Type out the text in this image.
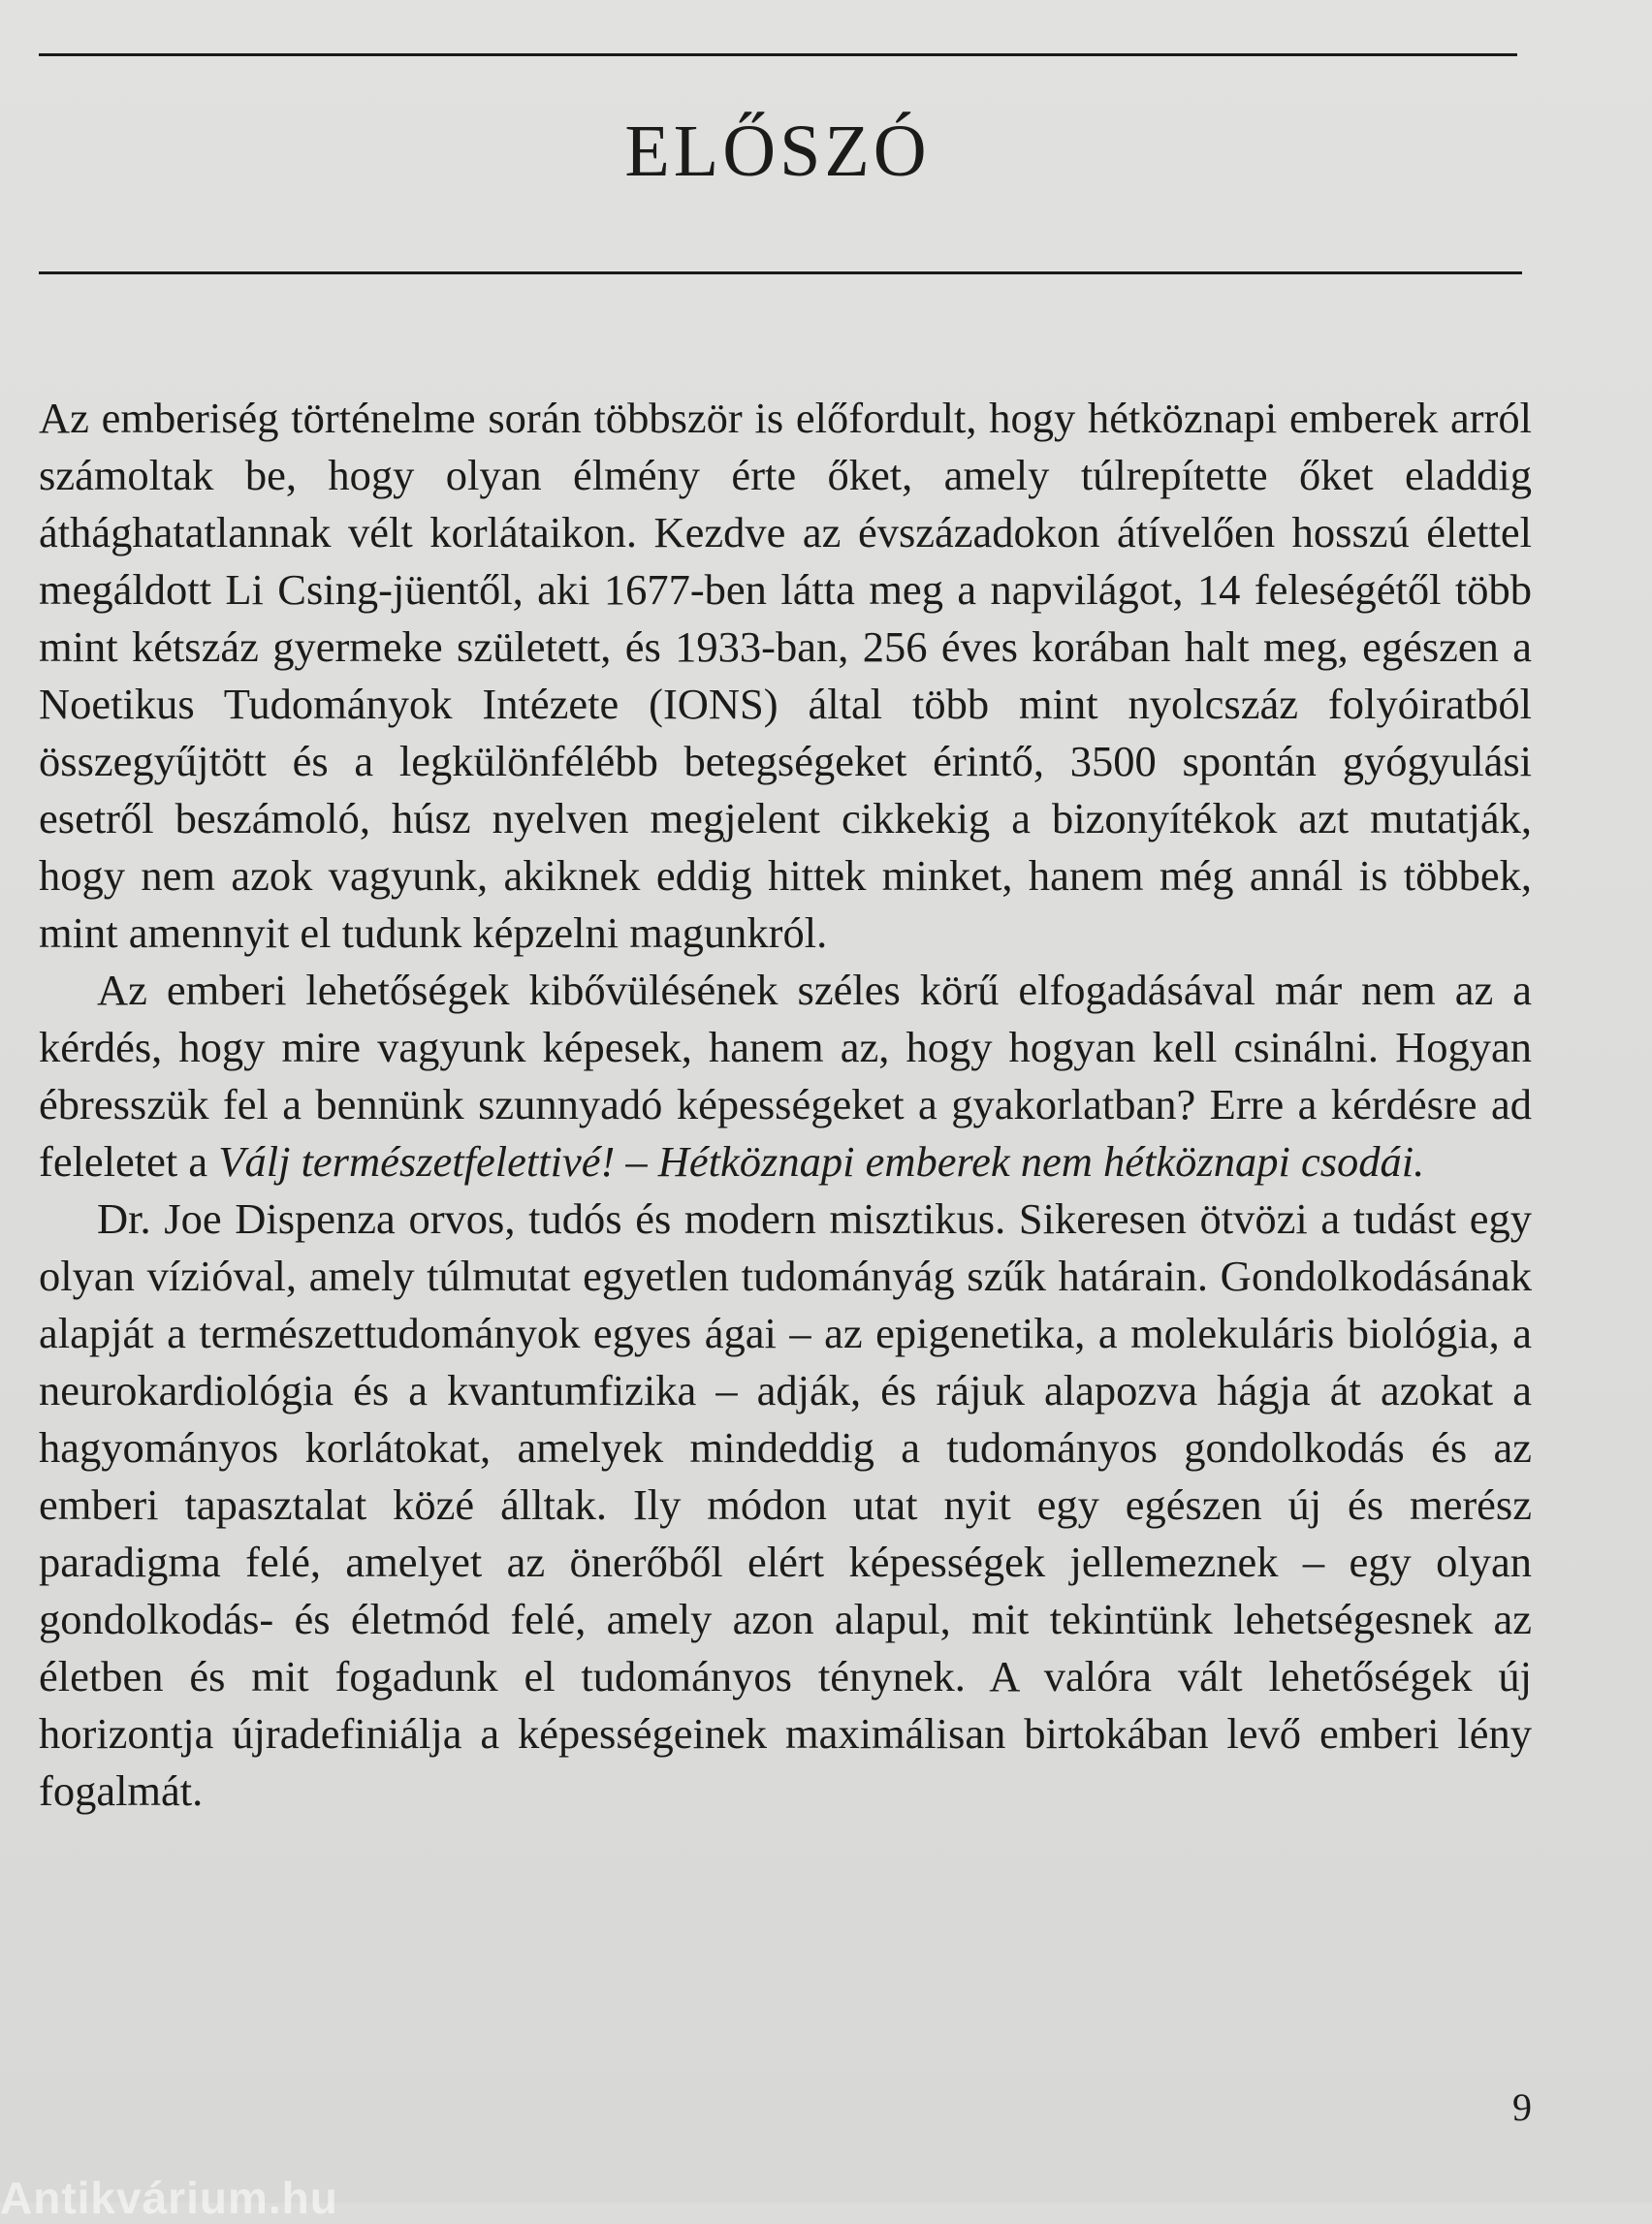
ELŐSZÓ

Az emberiség történelme során többször is előfordult, hogy hétköznapi emberek arról számoltak be, hogy olyan élmény érte őket, amely túlrepítette őket eladdig áthághatatlannak vélt korlátaikon. Kezdve az évszázadokon átívelően hosszú élettel megáldott Li Csing-jüentől, aki 1677-ben látta meg a napvilágot, 14 feleségétől több mint kétszáz gyermeke született, és 1933-ban, 256 éves korában halt meg, egészen a Noetikus Tudományok Intézete (IONS) által több mint nyolcszáz folyóiratból összegyűjtött és a legkülönfélébb betegségeket érintő, 3500 spontán gyógyulási esetről beszámoló, húsz nyelven megjelent cikkekig a bizonyítékok azt mutatják, hogy nem azok vagyunk, akiknek eddig hittek minket, hanem még annál is többek, mint amennyit el tudunk képzelni magunkról.

Az emberi lehetőségek kibővülésének széles körű elfogadásával már nem az a kérdés, hogy mire vagyunk képesek, hanem az, hogy hogyan kell csinálni. Hogyan ébresszük fel a bennünk szunnyadó képességeket a gyakorlatban? Erre a kérdésre ad feleletet a Válj természetfelettivé! – Hétköznapi emberek nem hétköznapi csodái.

Dr. Joe Dispenza orvos, tudós és modern misztikus. Sikeresen ötvözi a tudást egy olyan vízióval, amely túlmutat egyetlen tudományág szűk határain. Gondolkodásának alapját a természettudományok egyes ágai – az epigenetika, a molekuláris biológia, a neurokardiológia és a kvantumfizika – adják, és rájuk alapozva hágja át azokat a hagyományos korlátokat, amelyek mindeddig a tudományos gondolkodás és az emberi tapasztalat közé álltak. Ily módon utat nyit egy egészen új és merész paradigma felé, amelyet az önerőből elért képességek jellemeznek – egy olyan gondolkodás- és életmód felé, amely azon alapul, mit tekintünk lehetségesnek az életben és mit fogadunk el tudományos ténynek. A valóra vált lehetőségek új horizontja újradefiniálja a képességeinek maximálisan birtokában levő emberi lény fogalmát.

9
Antikvárium.hu
